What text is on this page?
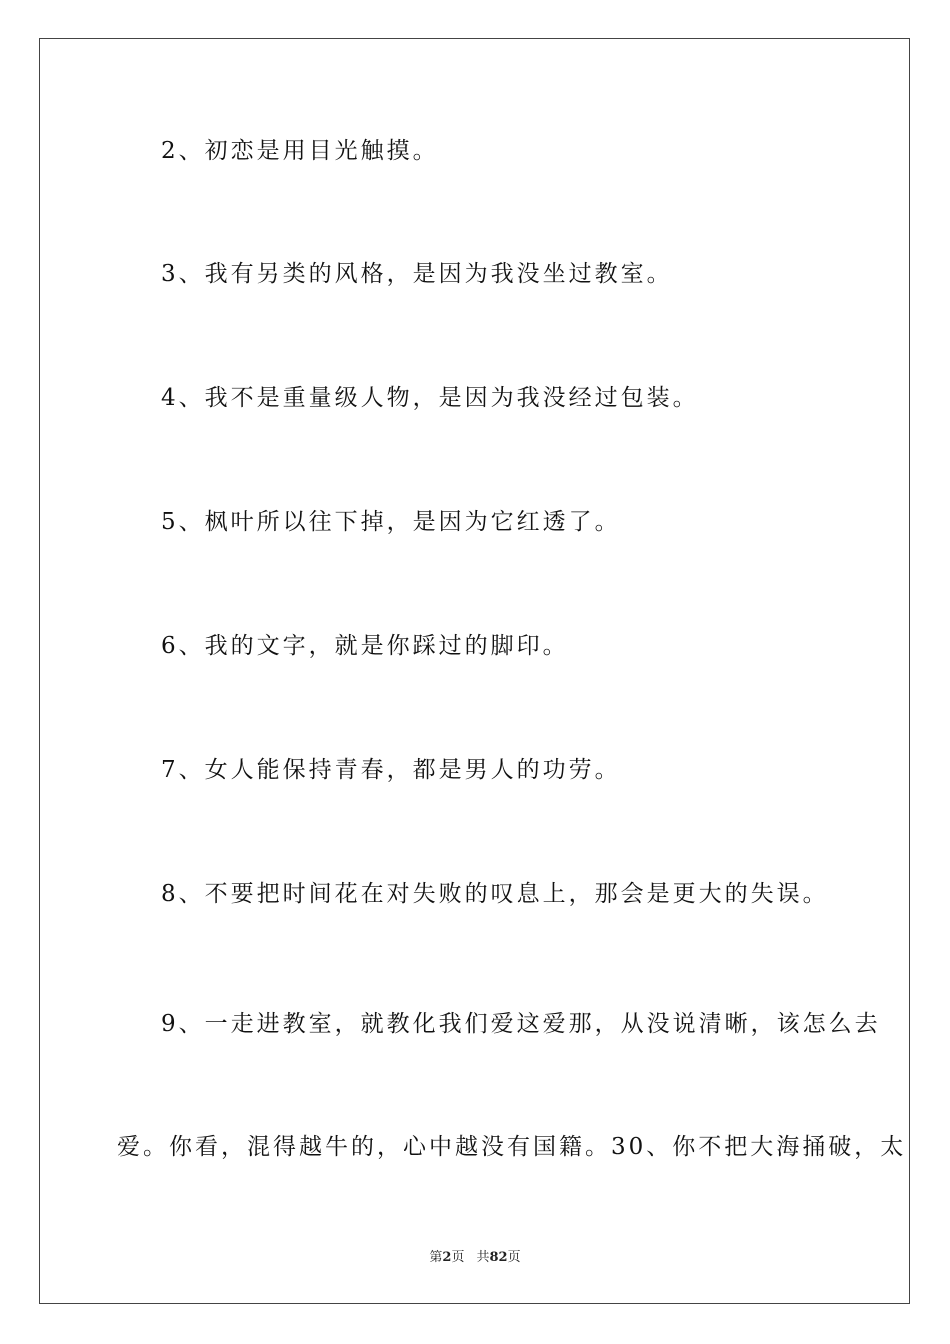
2、初恋是用目光触摸。
3、我有另类的风格，是因为我没坐过教室。
4、我不是重量级人物，是因为我没经过包装。
5、枫叶所以往下掉，是因为它红透了。
6、我的文字，就是你踩过的脚印。
7、女人能保持青春，都是男人的功劳。
8、不要把时间花在对失败的叹息上，那会是更大的失误。
9、一走进教室，就教化我们爱这爱那，从没说清晰，该怎么去
爱。你看，混得越牛的，心中越没有国籍。30、你不把大海捅破，太
第2页 共82页
